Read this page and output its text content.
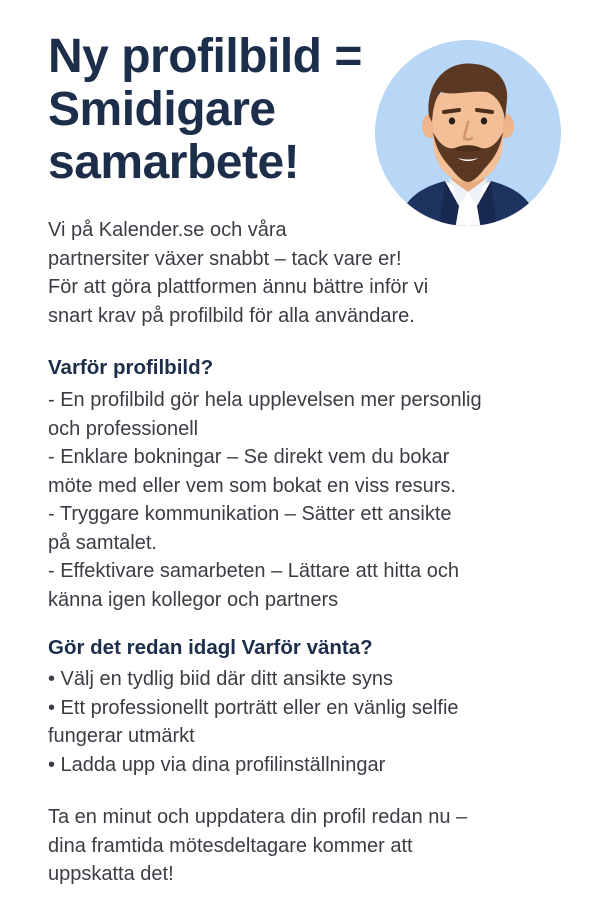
Ny profilbild =
Smidigare
samarbete!

Vi på Kalender.se och våra
partnersiter växer snabbt – tack vare er!
För att göra plattformen ännu bättre inför vi
snart krav på profilbild för alla användare.

Varför profilbild?
- En profilbild gör hela upplevelsen mer personlig
och professionell
- Enklare bokningar – Se direkt vem du bokar
möte med eller vem som bokat en viss resurs.
- Tryggare kommunikation – Sätter ett ansikte
på samtalet.
- Effektivare samarbeten – Lättare att hitta och
känna igen kollegor och partners
Gör det redan idagl Varför vänta?
• Välj en tydlig biid där ditt ansikte syns
• Ett professionellt porträtt eller en vänlig selfie
fungerar utmärkt
• Ladda upp via dina profilinställningar

Ta en minut och uppdatera din profil redan nu –
dina framtida mötesdeltagare kommer att
uppskatta det!
